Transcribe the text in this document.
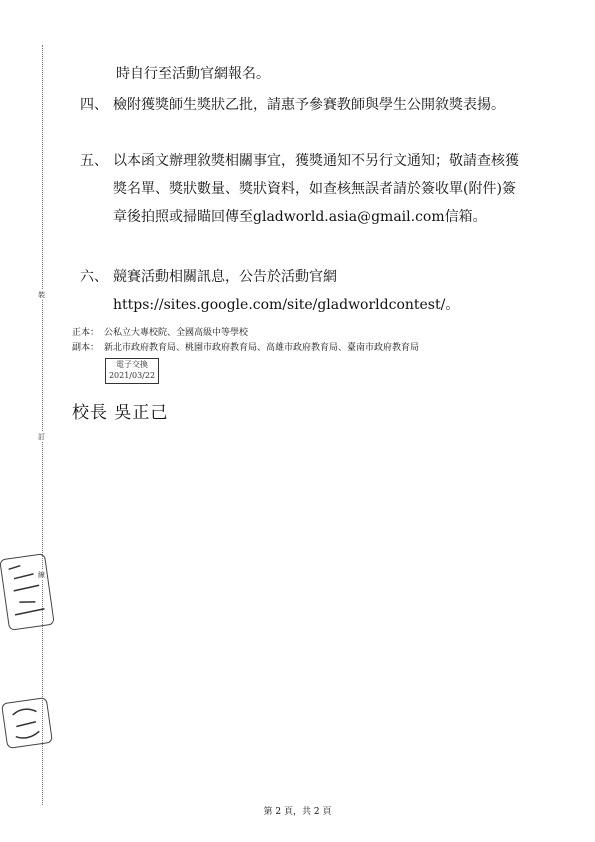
裝
訂
線
時自行至活動官網報名。
四、 檢附獲獎師生獎狀乙批，請惠予參賽教師與學生公開敘獎表揚。
五、 以本函文辦理敘獎相關事宜，獲獎通知不另行文通知；敬請查核獲獎名單、獎狀數量、獎狀資料，如查核無誤者請於簽收單(附件)簽章後拍照或掃瞄回傳至gladworld.asia@gmail.com信箱。
六、 競賽活動相關訊息，公告於活動官網https://sites.google.com/site/gladworldcontest/。
正本： 公私立大專校院、全國高級中等學校
副本： 新北市政府教育局、桃園市政府教育局、高雄市政府教育局、臺南市政府教育局
電子交換 2021/03/22
校長 吳正己
第 2 頁，共 2 頁
